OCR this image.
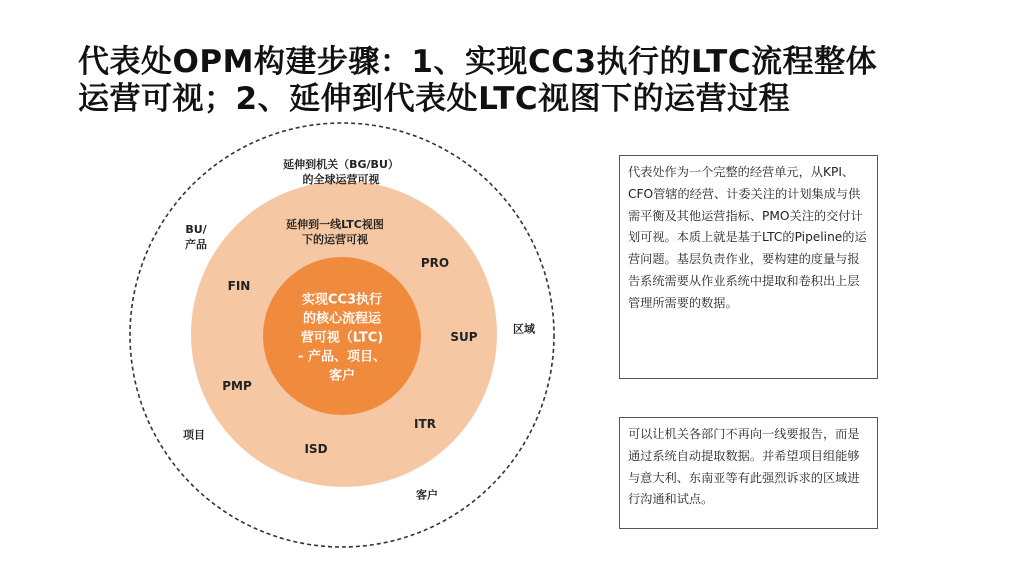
代表处OPM构建步骤：1、实现CC3执行的LTC流程整体
运营可视；2、延伸到代表处LTC视图下的运营过程
延伸到机关（BG/BU）
的全球运营可视
BU/
产品
区域
项目
客户
延伸到一线LTC视图
下的运营可视
PRO
FIN
SUP
PMP
ITR
ISD
实现CC3执行
的核心流程运
营可视（LTC)
- 产品、项目、
客户
代表处作为一个完整的经营单元，从KPI、CFO管辖的经营、计委关注的计划集成与供需平衡及其他运营指标、PMO关注的交付计划可视。本质上就是基于LTC的Pipeline的运营问题。基层负责作业，要构建的度量与报告系统需要从作业系统中提取和卷积出上层管理所需要的数据。
可以让机关各部门不再向一线要报告，而是通过系统自动提取数据。并希望项目组能够与意大利、东南亚等有此强烈诉求的区域进行沟通和试点。
